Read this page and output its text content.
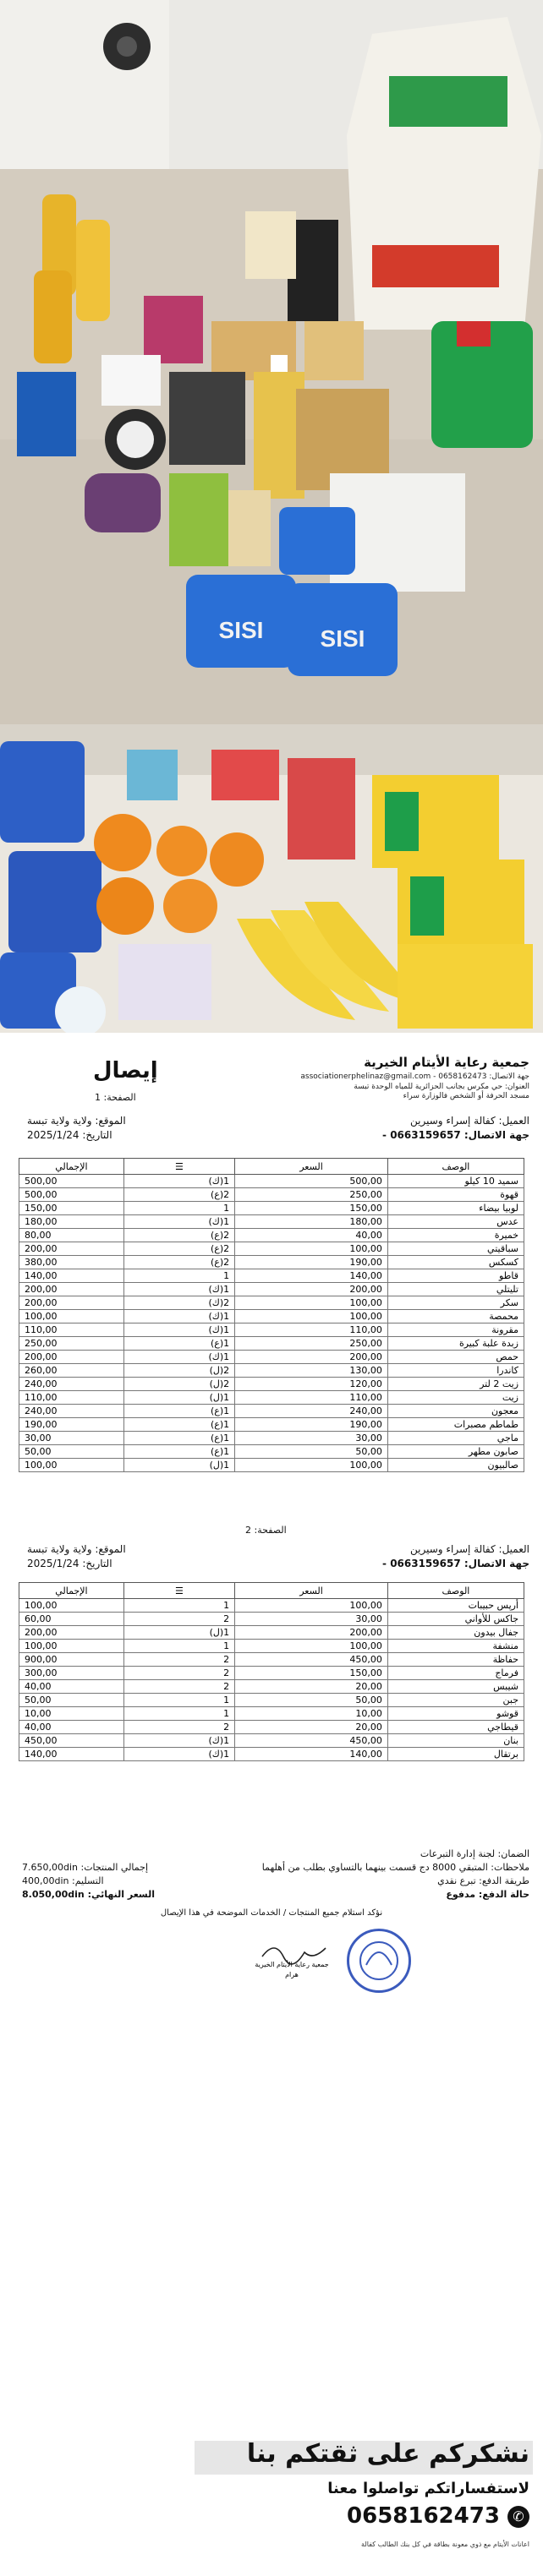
SISI SISI
جمعية رعاية الأيتام الخيرية
جهة الاتصال: 0658162473 - associationerphelinaz@gmail.com
العنوان: حي مكرس بجانب الحزائرية للمياه الوحدة تبسة
مسجد الحرفة أو الشخص فالوزارة سراء
إيصال
الصفحة: 1
العميل: كفالة إسراء وسيرين
جهة الاتصال: 0663159657 -
الموقع: ولاية ولاية تبسة
التاريخ: 2025/1/24
الوصف	السعر	☰	الإجمالي
سميد 10 كيلو	500,00	1(ك)	500,00
قهوة	250,00	2(ع)	500,00
لوبيا بيضاء	150,00	1	150,00
عدس	180,00	1(ك)	180,00
خميرة	40,00	2(ع)	80,00
سباقيتي	100,00	2(ع)	200,00
كسكس	190,00	2(ع)	380,00
قاطو	140,00	1	140,00
تليتلي	200,00	1(ك)	200,00
سكر	100,00	2(ك)	200,00
محمصة	100,00	1(ك)	100,00
مقرونة	110,00	1(ك)	110,00
زبدة علبة كبيرة	250,00	1(ع)	250,00
حمص	200,00	1(ك)	200,00
كاندرا	130,00	2(ل)	260,00
زيت 2 لتر	120,00	2(ل)	240,00
زيت	110,00	1(ل)	110,00
معجون	240,00	1(ع)	240,00
طماطم مصبرات	190,00	1(ع)	190,00
ماجي	30,00	1(ع)	30,00
صابون مطهر	50,00	1(ع)	50,00
صالبيون	100,00	1(ل)	100,00
الصفحة: 2
العميل: كفالة إسراء وسيرين
جهة الاتصال: 0663159657 -
الموقع: ولاية ولاية تبسة
التاريخ: 2025/1/24
الوصف	السعر	☰	الإجمالي
أرپس حبيبات	100,00	1	100,00
جاكس للأواني	30,00	2	60,00
جفال بيدون	200,00	1(ل)	200,00
منشفة	100,00	1	100,00
حفاظة	450,00	2	900,00
فرماج	150,00	2	300,00
شيبس	20,00	2	40,00
جبن	50,00	1	50,00
قوشو	10,00	1	10,00
قيطاجي	20,00	2	40,00
بنان	450,00	1(ك)	450,00
برتقال	140,00	1(ك)	140,00
الضمان: لجنة إدارة التبرعات
ملاحظات: المتبقي 8000 دج قسمت بينهما بالتساوي بطلب من أهلهما
طريقة الدفع: تبرع نقدي
حالة الدفع: مدفوع
إجمالي المنتجات: 7.650,00din
التسليم: 400,00din
السعر النهائي: 8.050,00din
نؤكد استلام جميع المنتجات / الخدمات الموضحة في هذا الإيصال
جمعية رعاية الأيتام الخيرية
هرام
نشكركم على ثقتكم بنا
لاستفساراتكم تواصلوا معنا
0658162473 ✆
اعانات الأيتام مع ذوي معونة بطاقة في كل بنك الطالب كفالة
